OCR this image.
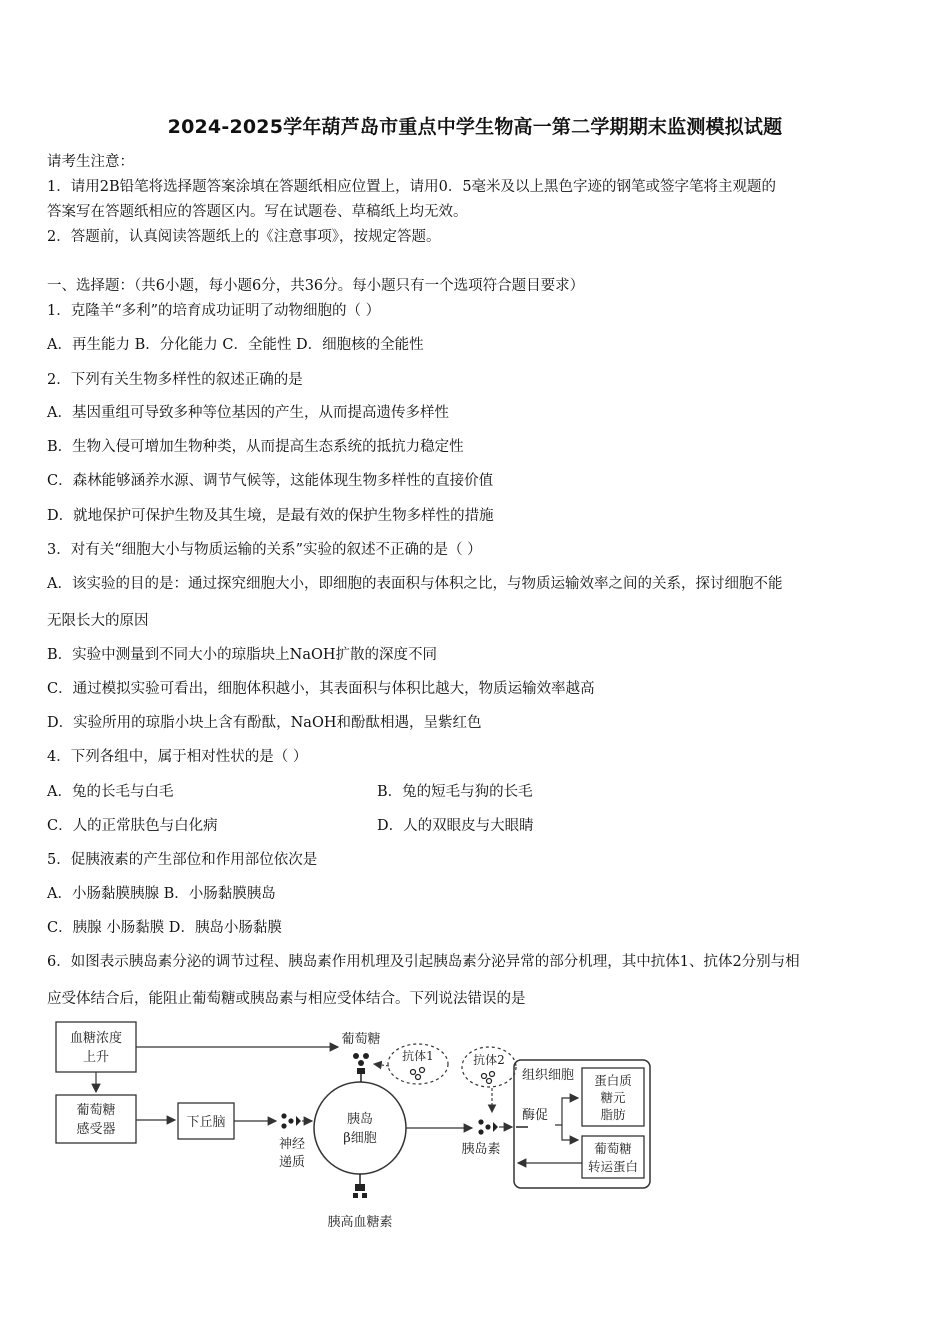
2024-2025学年葫芦岛市重点中学生物高一第二学期期末监测模拟试题
请考生注意：
1．请用2B铅笔将选择题答案涂填在答题纸相应位置上，请用0．5毫米及以上黑色字迹的钢笔或签字笔将主观题的
答案写在答题纸相应的答题区内。写在试题卷、草稿纸上均无效。
2．答题前，认真阅读答题纸上的《注意事项》，按规定答题。
一、选择题：（共6小题，每小题6分，共36分。每小题只有一个选项符合题目要求）
1．克隆羊“多利”的培育成功证明了动物细胞的（ ）
A．再生能力 B．分化能力 C．全能性 D．细胞核的全能性
2．下列有关生物多样性的叙述正确的是
A．基因重组可导致多种等位基因的产生，从而提高遗传多样性
B．生物入侵可增加生物种类，从而提高生态系统的抵抗力稳定性
C．森林能够涵养水源、调节气候等，这能体现生物多样性的直接价值
D．就地保护可保护生物及其生境，是最有效的保护生物多样性的措施
3．对有关“细胞大小与物质运输的关系”实验的叙述不正确的是（ ）
A．该实验的目的是：通过探究细胞大小，即细胞的表面积与体积之比，与物质运输效率之间的关系，探讨细胞不能
无限长大的原因
B．实验中测量到不同大小的琼脂块上NaOH扩散的深度不同
C．通过模拟实验可看出，细胞体积越小，其表面积与体积比越大，物质运输效率越高
D．实验所用的琼脂小块上含有酚酞，NaOH和酚酞相遇，呈紫红色
4．下列各组中，属于相对性状的是（ ）
A．兔的长毛与白毛	B．兔的短毛与狗的长毛
C．人的正常肤色与白化病	D．人的双眼皮与大眼睛
5．促胰液素的产生部位和作用部位依次是
A．小肠黏膜胰腺 B．小肠黏膜胰岛
C．胰腺 小肠黏膜 D．胰岛小肠黏膜
6．如图表示胰岛素分泌的调节过程、胰岛素作用机理及引起胰岛素分泌异常的部分机理，其中抗体1、抗体2分别与相
应受体结合后，能阻止葡萄糖或胰岛素与相应受体结合。下列说法错误的是
血糖浓度
上升
葡萄糖
感受器	下丘脑
神经
递质
胰岛
β细胞
葡萄糖
抗体1
胰高血糖素
胰岛素
抗体2
组织细胞
酶促
蛋白质
糖元
脂肪
葡萄糖
转运蛋白
